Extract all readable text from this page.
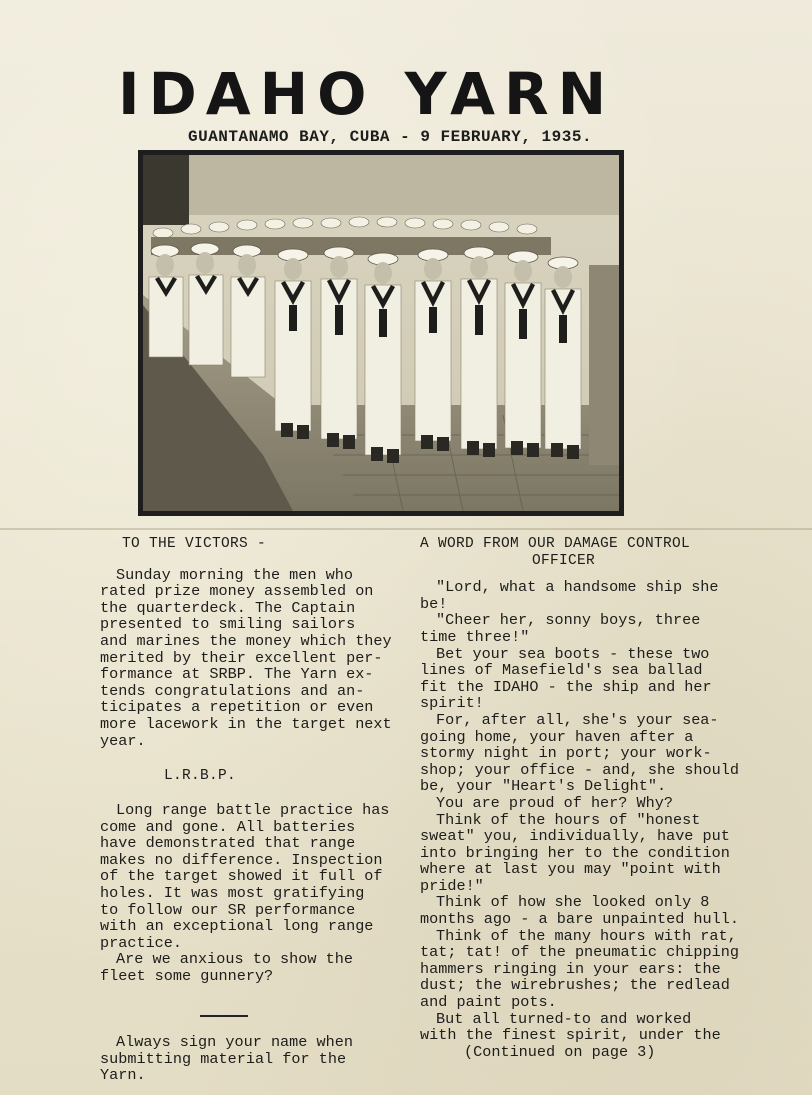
IDAHO YARN
GUANTANAMO BAY, CUBA - 9 FEBRUARY, 1935.

TO THE VICTORS -

Sunday morning the men who

rated prize money assembled on

the quarterdeck. The Captain

presented to smiling sailors

and marines the money which they

merited by their excellent per-

formance at SRBP. The Yarn ex-

tends congratulations and an-

ticipates a repetition or even

more lacework in the target next

year.

L.R.B.P.

Long range battle practice has

come and gone. All batteries

have demonstrated that range

makes no difference. Inspection

of the target showed it full of

holes. It was most gratifying

to follow our SR performance

with an exceptional long range

practice.

Are we anxious to show the

fleet some gunnery?

Always sign your name when

submitting material for the

Yarn.

A WORD FROM OUR DAMAGE CONTROL

OFFICER

"Lord, what a handsome ship she

be!

"Cheer her, sonny boys, three

time three!"

Bet your sea boots - these two

lines of Masefield's sea ballad

fit the IDAHO - the ship and her

spirit!

For, after all, she's your sea-

going home, your haven after a

stormy night in port; your work-

shop; your office - and, she should

be, your "Heart's Delight".

You are proud of her? Why?

Think of the hours of "honest

sweat" you, individually, have put

into bringing her to the condition

where at last you may "point with

pride!"

Think of how she looked only 8

months ago - a bare unpainted hull.

Think of the many hours with rat,

tat; tat! of the pneumatic chipping

hammers ringing in your ears: the

dust; the wirebrushes; the redlead

and paint pots.

But all turned-to and worked

with the finest spirit, under the

(Continued on page 3)
